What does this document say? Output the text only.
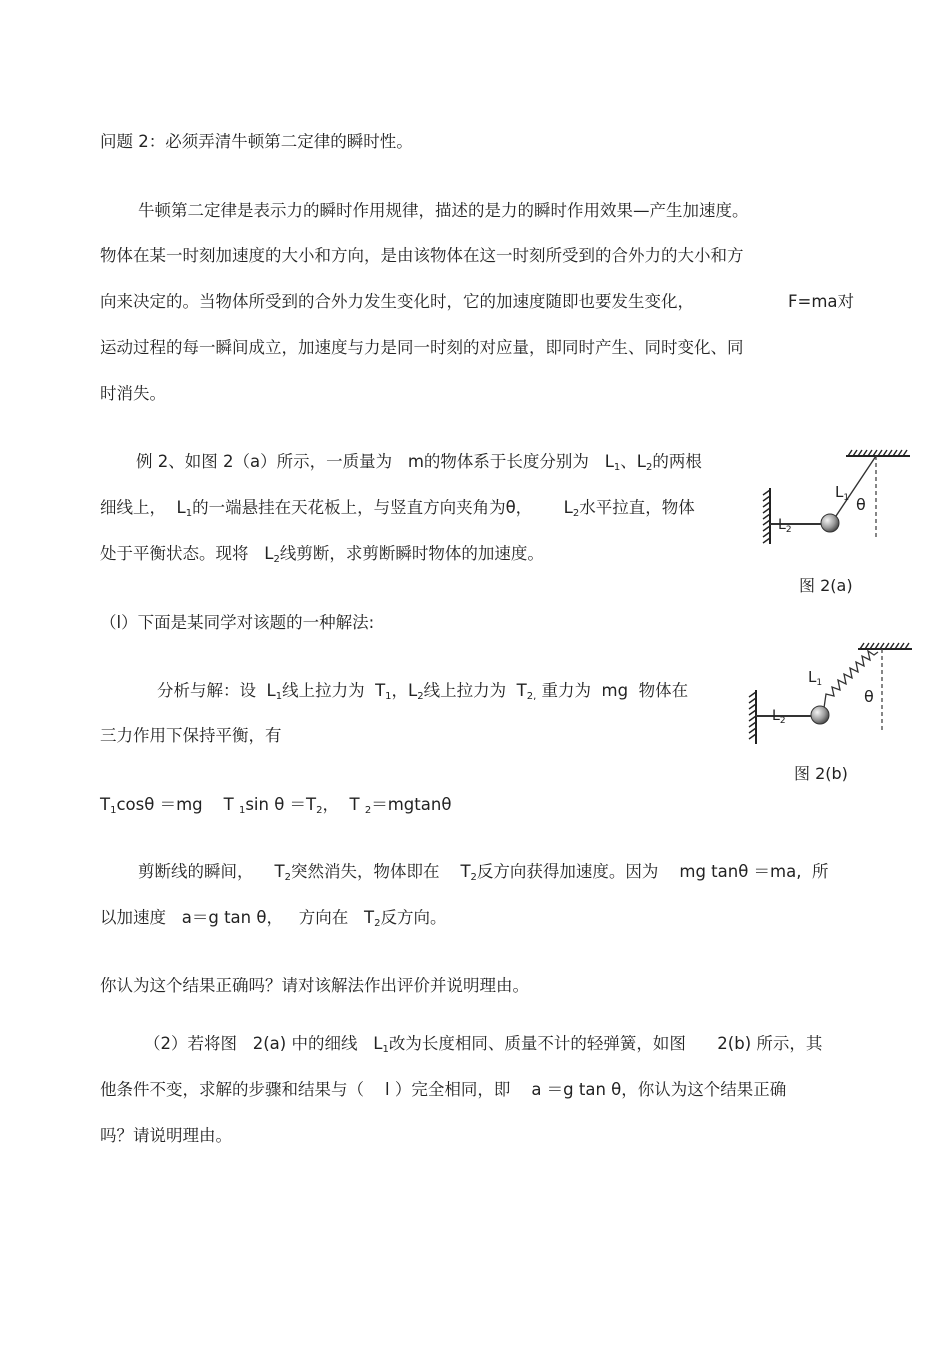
问题 2：必须弄清牛顿第二定律的瞬时性。
牛顿第二定律是表示力的瞬时作用规律，描述的是力的瞬时作用效果—产生加速度。
物体在某一时刻加速度的大小和方向，是由该物体在这一时刻所受到的合外力的大小和方
向来决定的。当物体所受到的合外力发生变化时，它的加速度随即也要发生变化，	F=ma对
运动过程的每一瞬间成立，加速度与力是同一时刻的对应量，即同时产生、同时变化、同
时消失。
例 2、如图 2（a）所示，一质量为 m的物体系于长度分别为 $L_1$、$L_2$的两根
细线上， $L_1$的一端悬挂在天花板上，与竖直方向夹角为θ， $L_2$水平拉直，物体
处于平衡状态。现将 $L_2$线剪断，求剪断瞬时物体的加速度。
$L_1$
$L_2$
θ
图 2(a)
（l）下面是某同学对该题的一种解法:
分析与解：设 $L_1$线上拉力为 $T_1$，$L_2$线上拉力为 $T_{2,}$ 重力为 mg 物体在
三力作用下保持平衡，有
$L_1$
$L_2$
θ
图 2(b)
$T_1\cos\theta =mg$ T $_1$sin $\theta =T_2$， T $_2$＝mgtanθ
剪断线的瞬间， $T_2$突然消失，物体即在 $T_2$反方向获得加速度。因为 mg tanθ ＝ma, 所
以加速度 a＝g tan θ， 方向在 $T_2$反方向。
你认为这个结果正确吗？请对该解法作出评价并说明理由。
（2）若将图 2(a) 中的细线 $L_1$改为长度相同、质量不计的轻弹簧，如图 2(b) 所示，其
他条件不变，求解的步骤和结果与（ l ）完全相同，即 a ＝g tan θ，你认为这个结果正确
吗？请说明理由。
